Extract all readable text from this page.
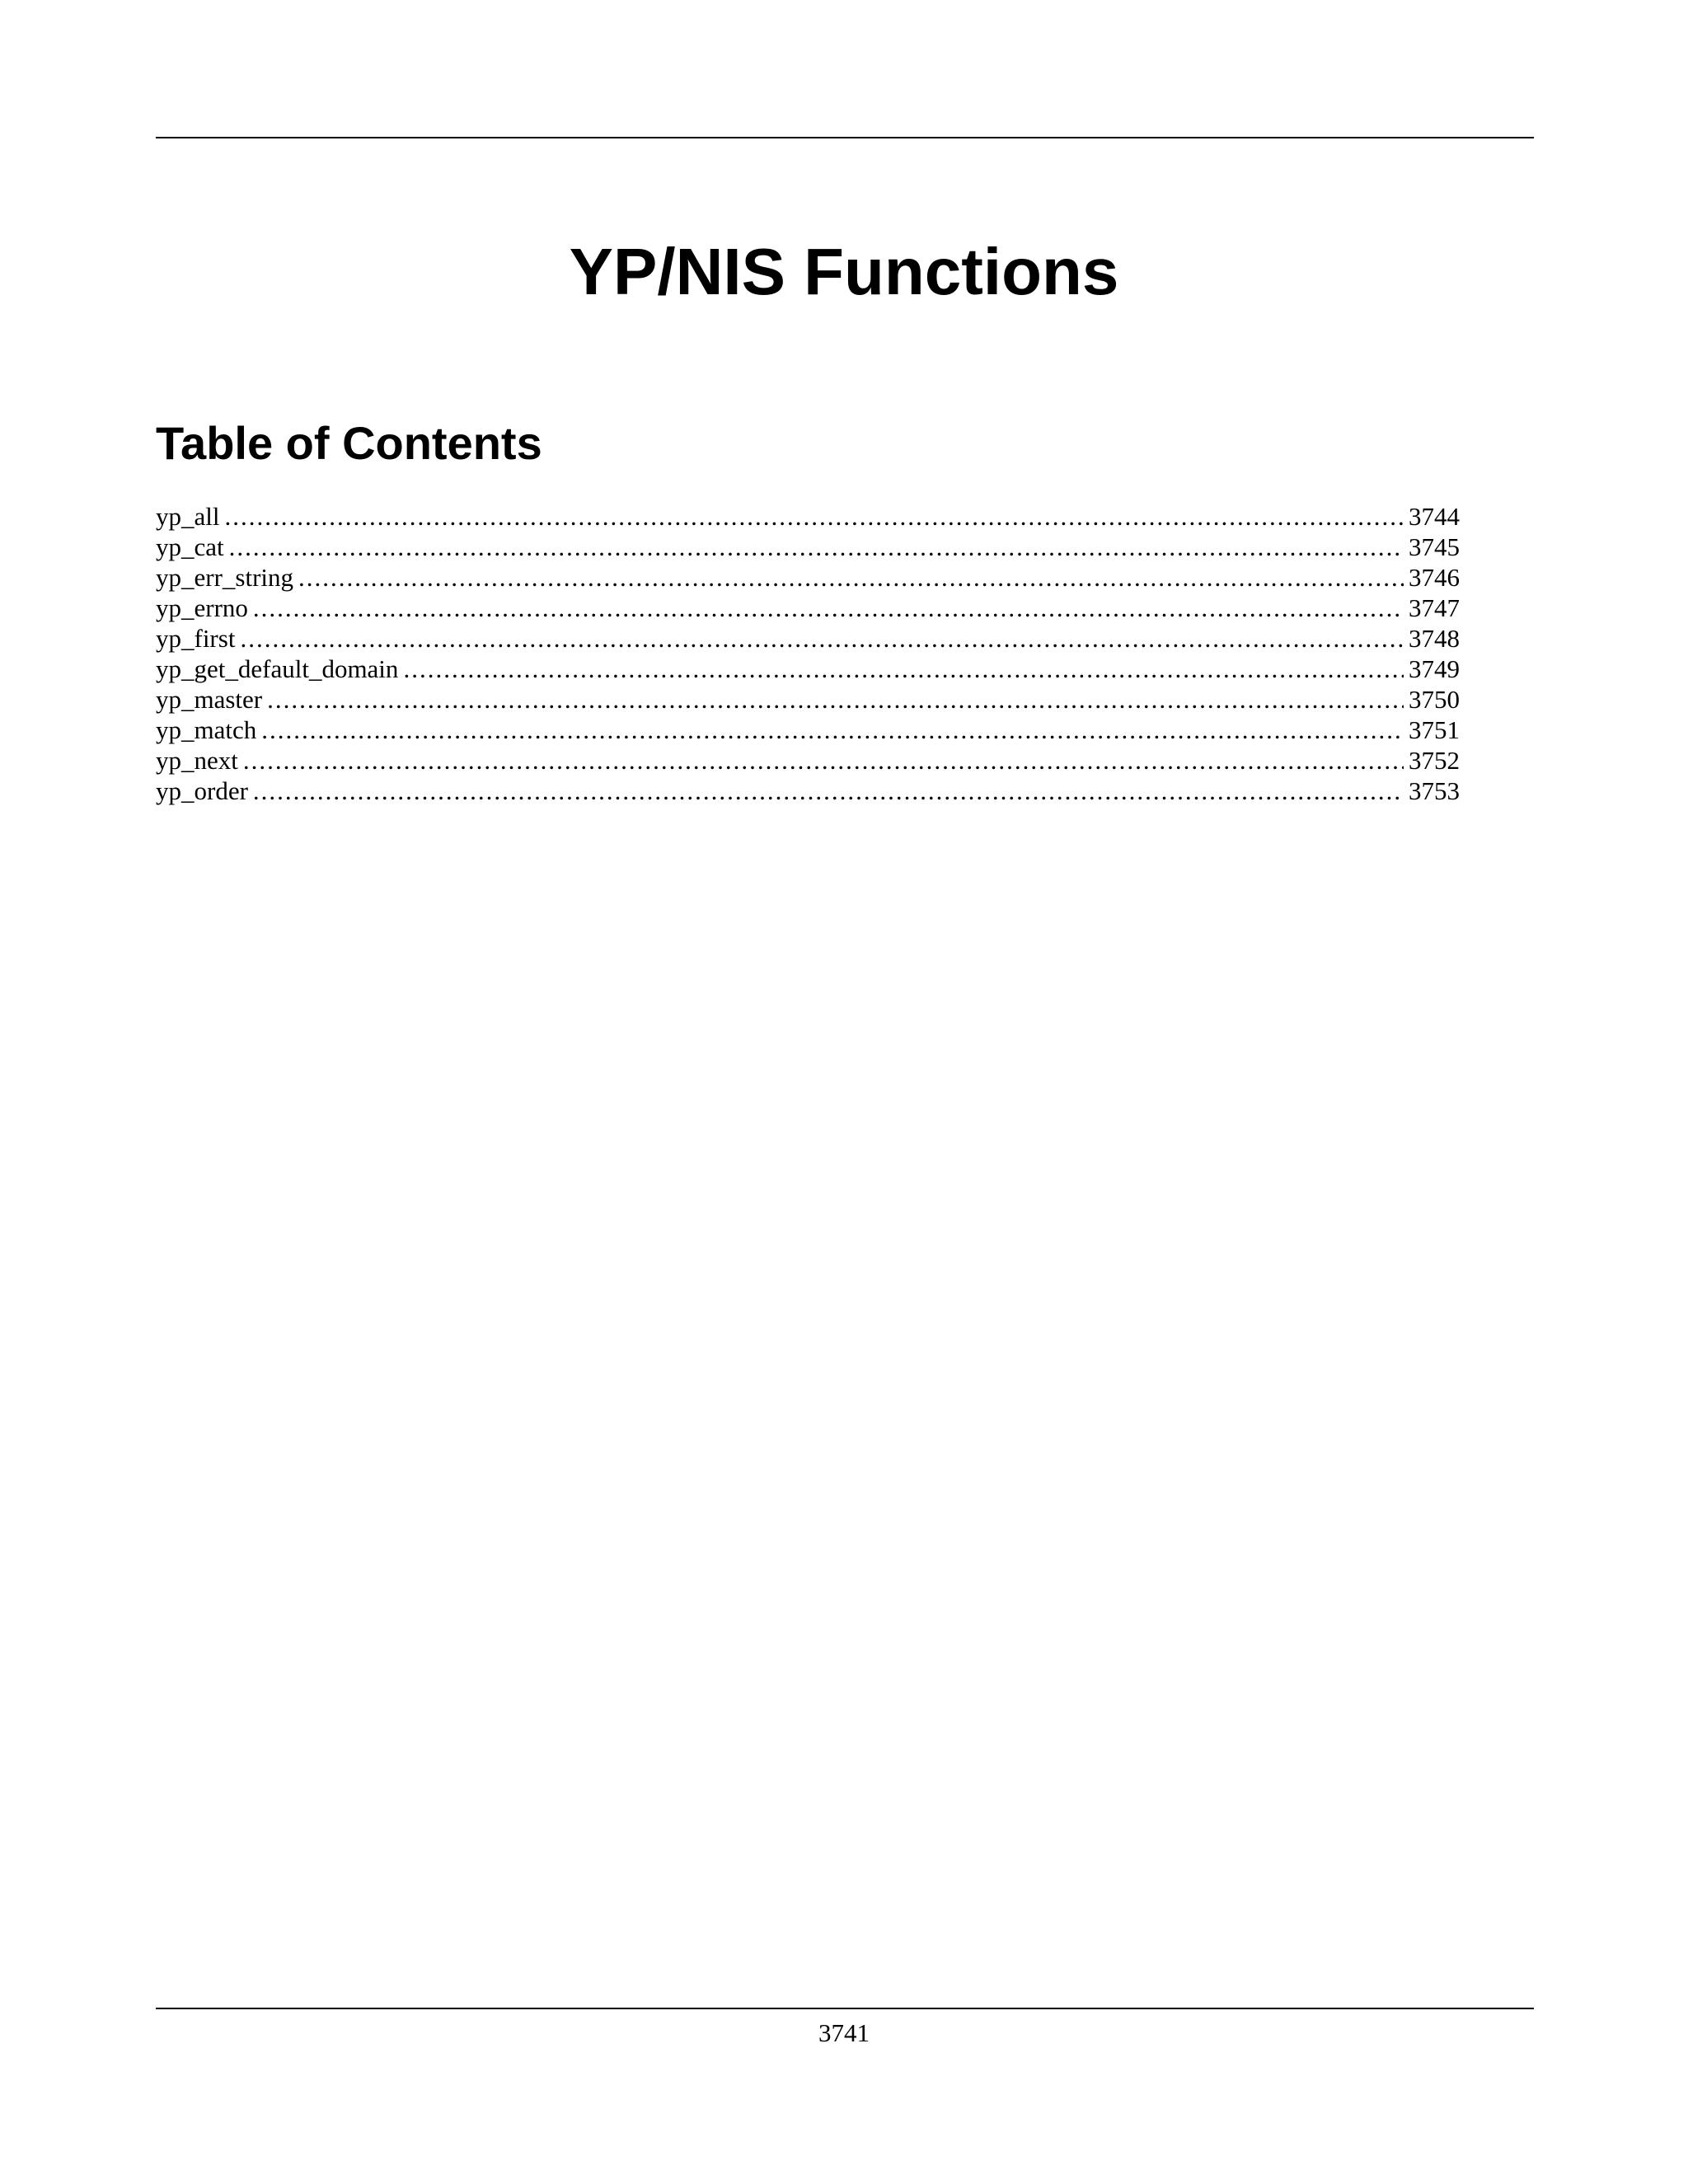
YP/NIS Functions
Table of Contents
yp_all .....	3744
yp_cat .....	3745
yp_err_string .....	3746
yp_errno .....	3747
yp_first .....	3748
yp_get_default_domain .....	3749
yp_master .....	3750
yp_match .....	3751
yp_next .....	3752
yp_order .....	3753
3741
